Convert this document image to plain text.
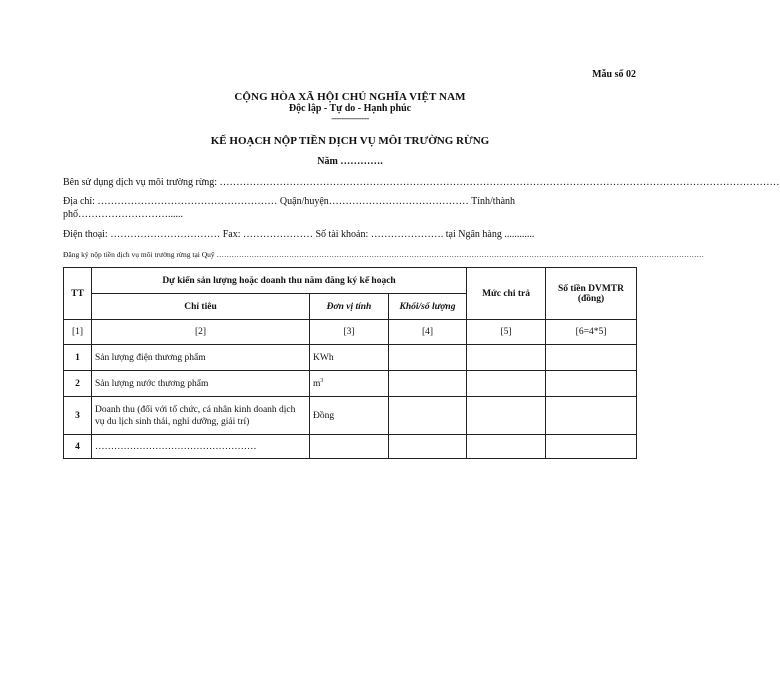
Mẫu số 02
CỘNG HÒA XÃ HỘI CHỦ NGHĨA VIỆT NAM
Độc lập - Tự do - Hạnh phúc
---------------
KẾ HOẠCH NỘP TIỀN DỊCH VỤ MÔI TRƯỜNG RỪNG
Năm ………….
Bên sử dụng dịch vụ môi trường rừng: ……………………………………………………………………………………………………………………………………………………
Địa chỉ: ……………………………………………… Quận/huyện…………………………………… Tỉnh/thành
phố………………………......
Điện thoại: …………………………… Fax: ………………… Số tài khoản: …………………. tại Ngân hàng ............
Đăng ký nộp tiền dịch vụ môi trường rừng tại Quỹ ……………………………………………………………………………………………………………………………………………………………………………
TT	Dự kiến sản lượng hoặc doanh thu năm đăng ký kế hoạch			Mức chi trả	Số tiền DVMTR (đồng)
	Chỉ tiêu	Đơn vị tính	Khối/số lượng		
[1]	[2]	[3]	[4]	[5]	[6=4*5]
1	Sản lượng điện thương phẩm	KWh			
2	Sản lượng nước thương phẩm	$m^3$			
3	Doanh thu (đối với tổ chức, cá nhân kinh doanh dịch vụ du lịch sinh thái, nghỉ dưỡng, giải trí)	Đồng			
4	……………………………………………				
